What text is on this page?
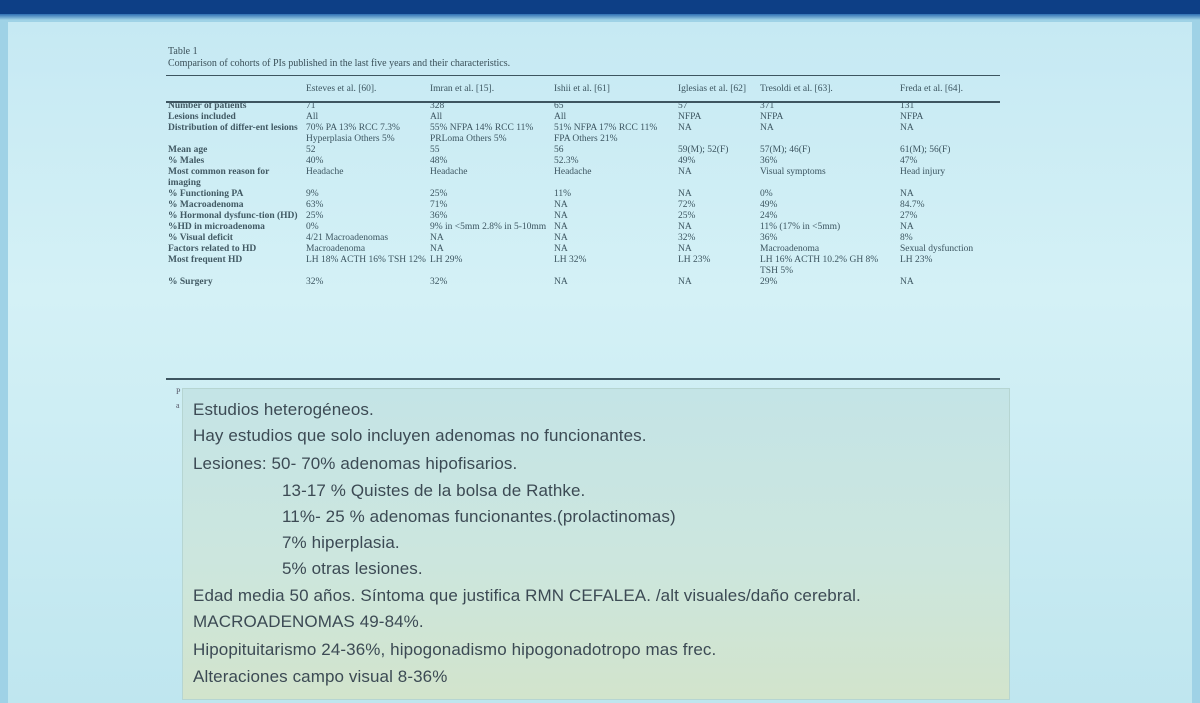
Table 1
Comparison of cohorts of PIs published in the last five years and their characteristics.
	Esteves et al. [60].	Imran et al. [15].	Ishii et al. [61]	Iglesias et al. [62]	Tresoldi et al. [63].	Freda et al. [64].
Number of patients	71	328	65	57	371	131
Lesions included	All	All	All	NFPA	NFPA	NFPA
Distribution of differ-ent lesions	70% PA 13% RCC 7.3% Hyperplasia Others 5%	55% NFPA 14% RCC 11% PRLoma Others 5%	51% NFPA 17% RCC 11% FPA Others 21%	NA	NA	NA
Mean age	52	55	56	59(M); 52(F)	57(M); 46(F)	61(M); 56(F)
% Males	40%	48%	52.3%	49%	36%	47%
Most common reason for imaging	Headache	Headache	Headache	NA	Visual symptoms	Head injury
% Functioning PA	9%	25%	11%	NA	0%	NA
% Macroadenoma	63%	71%	NA	72%	49%	84.7%
% Hormonal dysfunc-tion (HD)	25%	36%	NA	25%	24%	27%
%HD in microadenoma	0%	9% in <5mm 2.8% in 5-10mm	NA	NA	11% (17% in <5mm)	NA
% Visual deficit	4/21 Macroadenomas	NA	NA	32%	36%	8%
Factors related to HD	Macroadenoma	NA	NA	NA	Macroadenoma	Sexual dysfunction
Most frequent HD	LH 18% ACTH 16% TSH 12%	LH 29%	LH 32%	LH 23%	LH 16% ACTH 10.2% GH 8% TSH 5%	LH 23%
% Surgery	32%	32%	NA	NA	29%	NA
P
a Estudios heterogéneos.
Hay estudios que solo incluyen adenomas no funcionantes.
Lesiones: 50- 70% adenomas hipofisarios.
13-17 % Quistes de la bolsa de Rathke.
11%- 25 % adenomas funcionantes.(prolactinomas)
7% hiperplasia.
5% otras lesiones.
Edad media 50 años. Síntoma que justifica RMN CEFALEA. /alt visuales/daño cerebral.
MACROADENOMAS 49-84%.
Hipopituitarismo 24-36%, hipogonadismo hipogonadotropo mas frec.
Alteraciones campo visual 8-36%
